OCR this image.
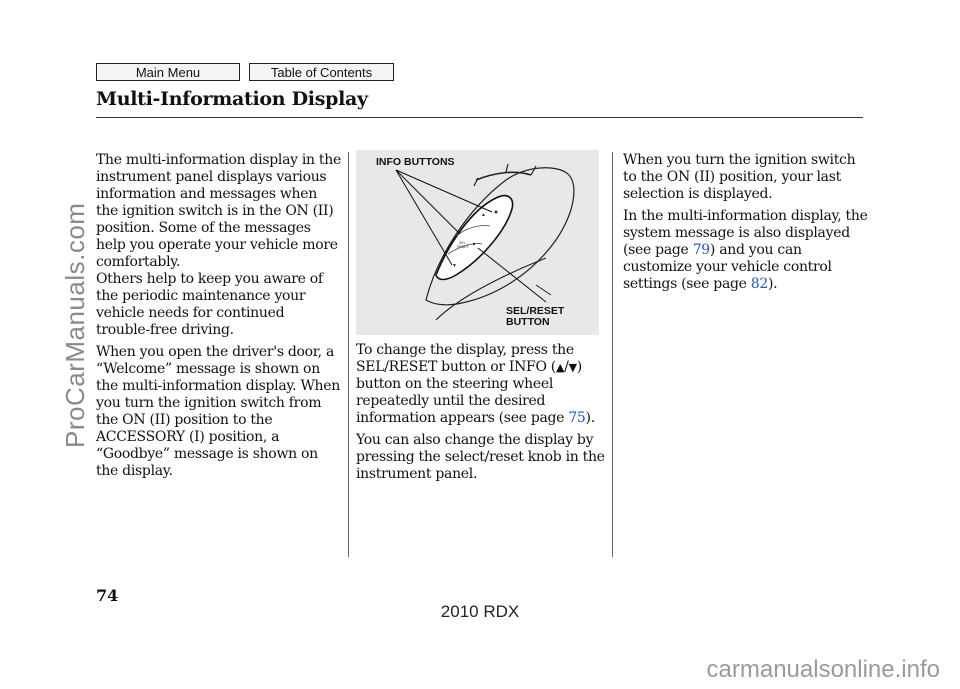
Main Menu	Table of Contents
Multi-Information Display

The multi-information display in the instrument panel displays various information and messages when the ignition switch is in the ON (II) position. Some of the messages help you operate your vehicle more comfortably.

Others help to keep you aware of the periodic maintenance your vehicle needs for continued trouble-free driving.

When you open the driver's door, a “Welcome” message is shown on the multi-information display. When you turn the ignition switch from the ON (II) position to the ACCESSORY (I) position, a “Goodbye” message is shown on the display.

▲
SEL
RESET
▼
INFO BUTTONS
SEL/RESET
BUTTON

To change the display, press the SEL/RESET button or INFO (▲/▼) button on the steering wheel repeatedly until the desired information appears (see page 75).

You can also change the display by pressing the select/reset knob in the instrument panel.

When you turn the ignition switch to the ON (II) position, your last selection is displayed.

In the multi-information display, the system message is also displayed (see page 79) and you can customize your vehicle control settings (see page 82).

74

2010 RDX
ProCarManuals.com
carmanualsonline.info
